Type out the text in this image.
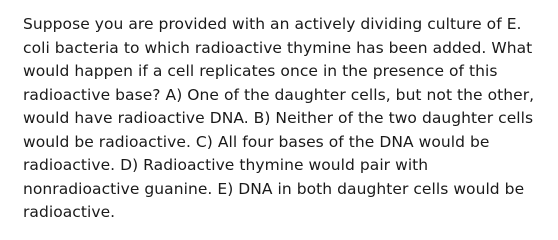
Suppose you are provided with an actively dividing culture of E.
coli bacteria to which radioactive thymine has been added. What
would happen if a cell replicates once in the presence of this
radioactive base? A) One of the daughter cells, but not the other,
would have radioactive DNA. B) Neither of the two daughter cells
would be radioactive. C) All four bases of the DNA would be
radioactive. D) Radioactive thymine would pair with
nonradioactive guanine. E) DNA in both daughter cells would be
radioactive.
